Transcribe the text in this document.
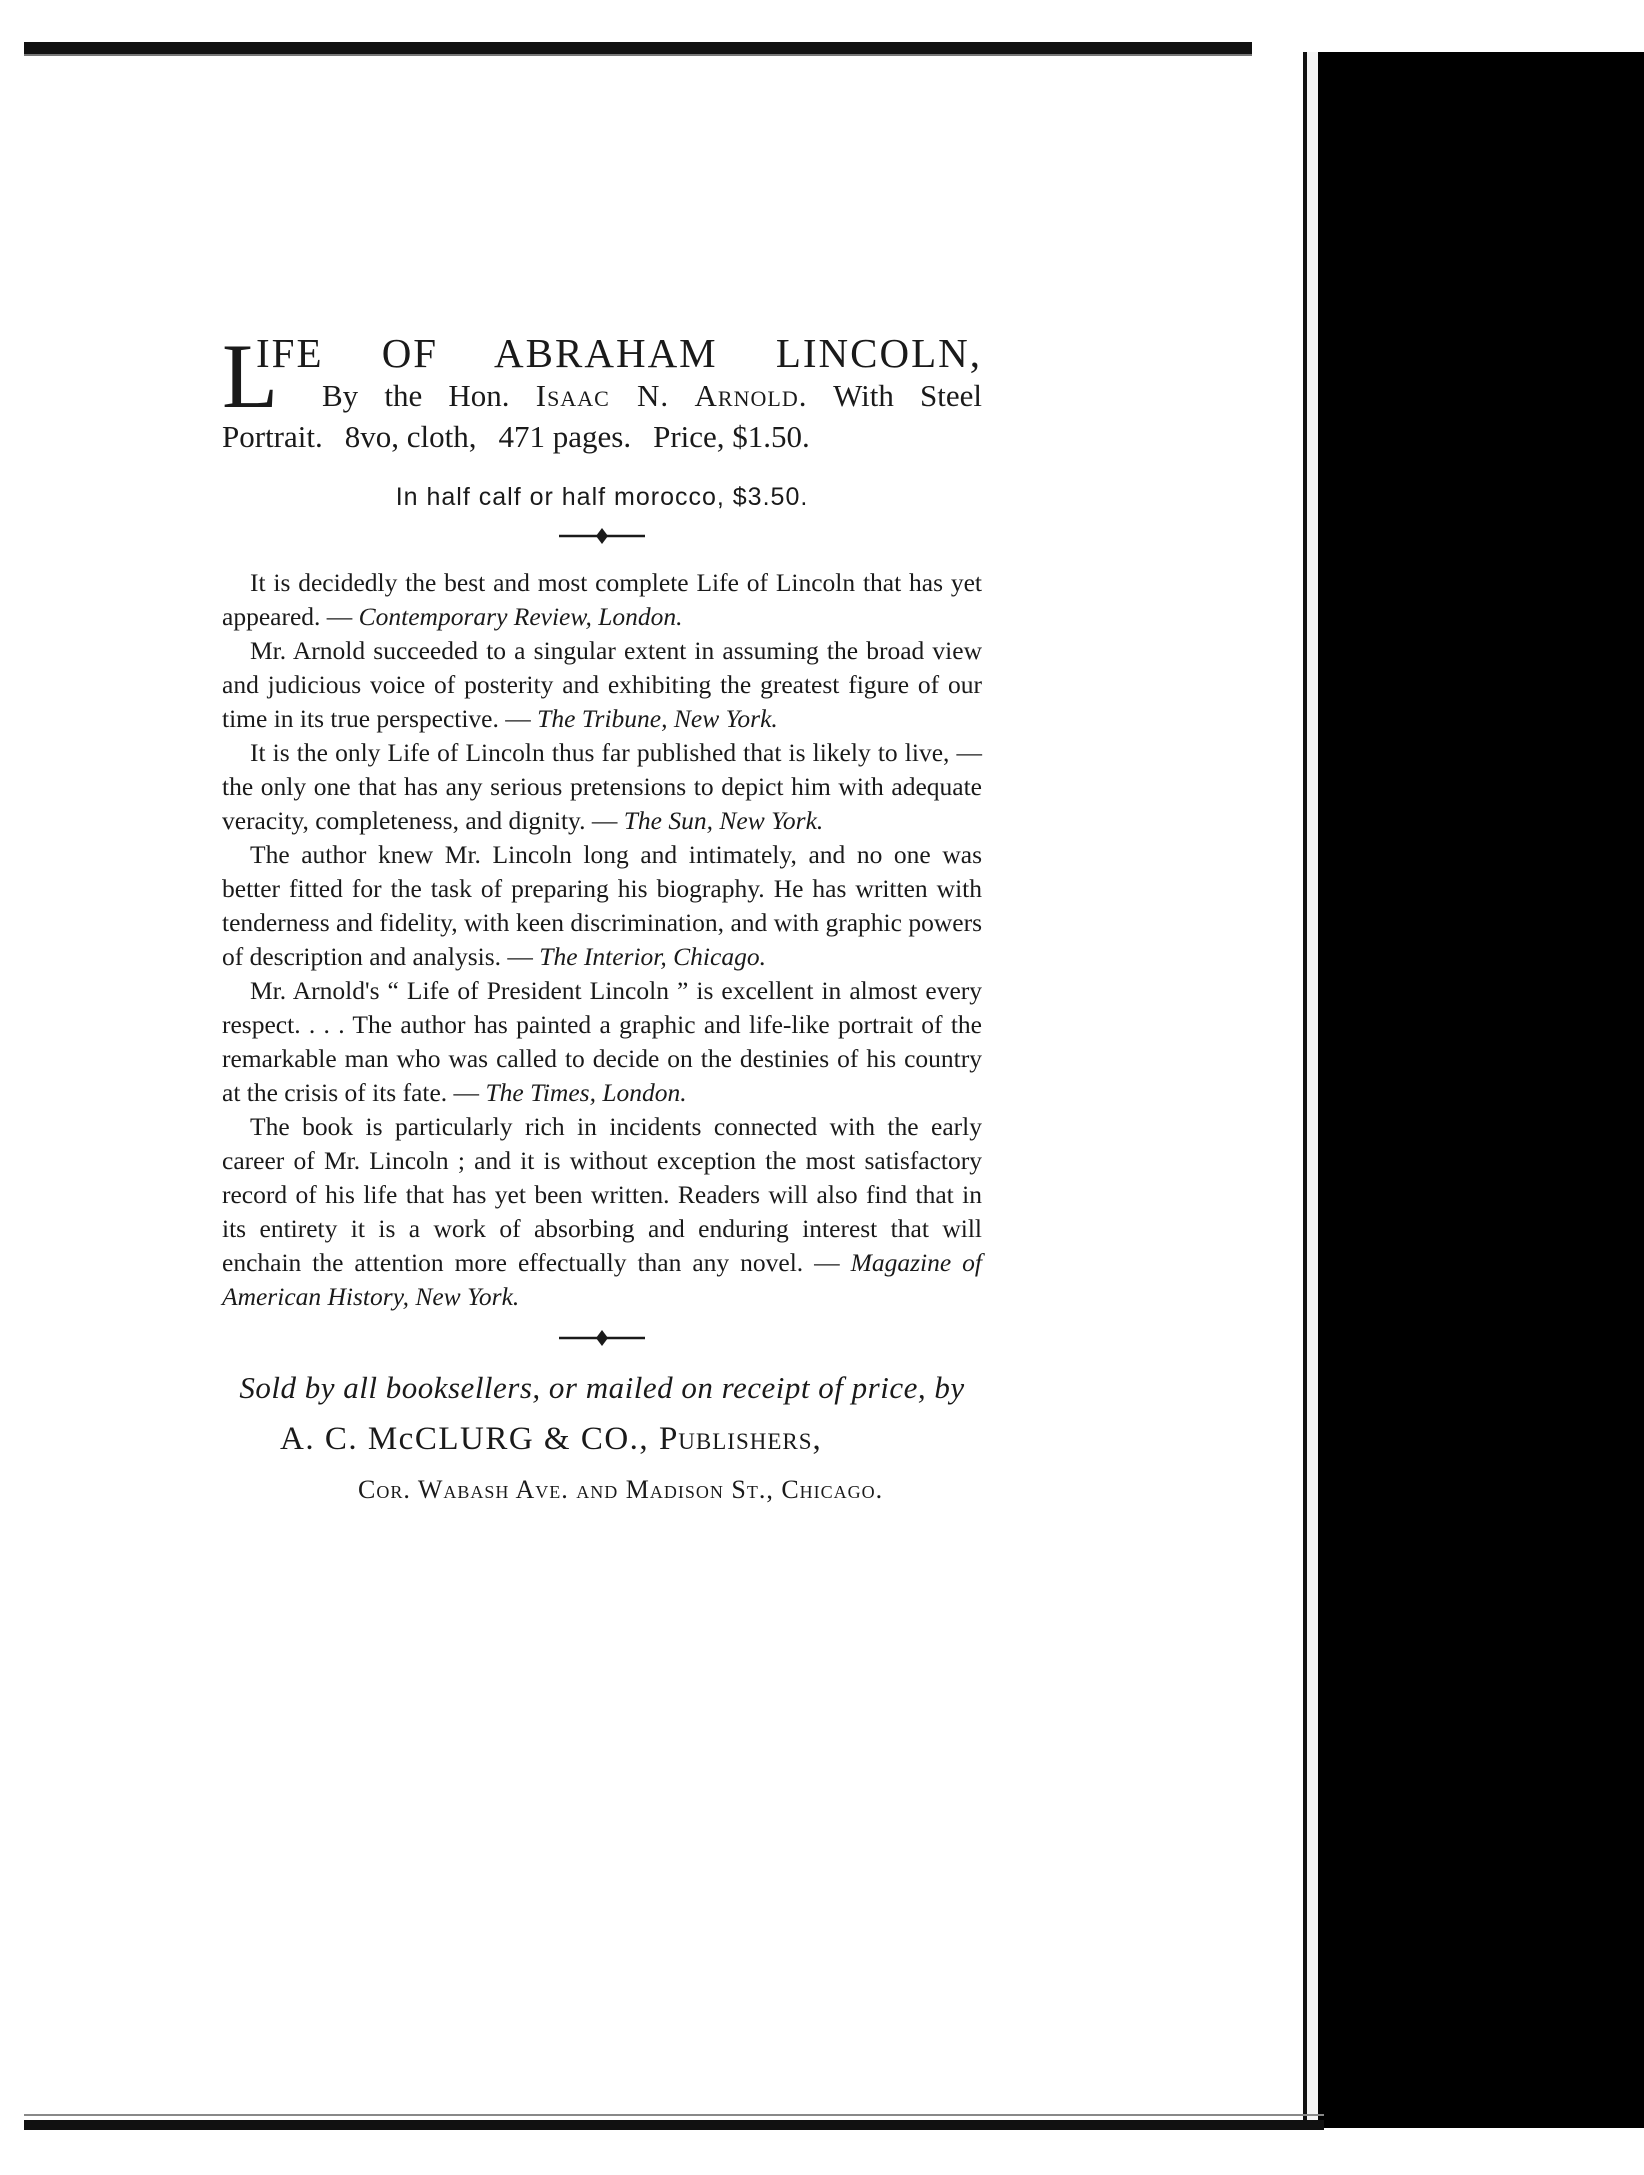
L
IFE OF ABRAHAM LINCOLN,
By the Hon. Isaac N. Arnold. With Steel
Portrait. 8vo, cloth, 471 pages. Price, $1.50.
In half calf or half morocco, $3.50.

It is decidedly the best and most complete Life of Lincoln that has yet appeared. — Contemporary Review, London.

Mr. Arnold succeeded to a singular extent in assuming the broad view and judicious voice of posterity and exhibiting the greatest figure of our time in its true perspective. — The Tribune, New York.

It is the only Life of Lincoln thus far published that is likely to live, — the only one that has any serious pretensions to depict him with adequate veracity, completeness, and dignity. — The Sun, New York.

The author knew Mr. Lincoln long and intimately, and no one was better fitted for the task of preparing his biography. He has written with tenderness and fidelity, with keen discrimination, and with graphic powers of description and analysis. — The Interior, Chicago.

Mr. Arnold's “ Life of President Lincoln ” is excellent in almost every respect. . . . The author has painted a graphic and life-like portrait of the remarkable man who was called to decide on the destinies of his country at the crisis of its fate. — The Times, London.

The book is particularly rich in incidents connected with the early career of Mr. Lincoln ; and it is without exception the most satisfactory record of his life that has yet been written. Readers will also find that in its entirety it is a work of absorbing and enduring interest that will enchain the attention more effectually than any novel. — Magazine of American History, New York.

Sold by all booksellers, or mailed on receipt of price, by
A. C. McCLURG & CO., Publishers,
Cor. Wabash Ave. and Madison St., Chicago.
